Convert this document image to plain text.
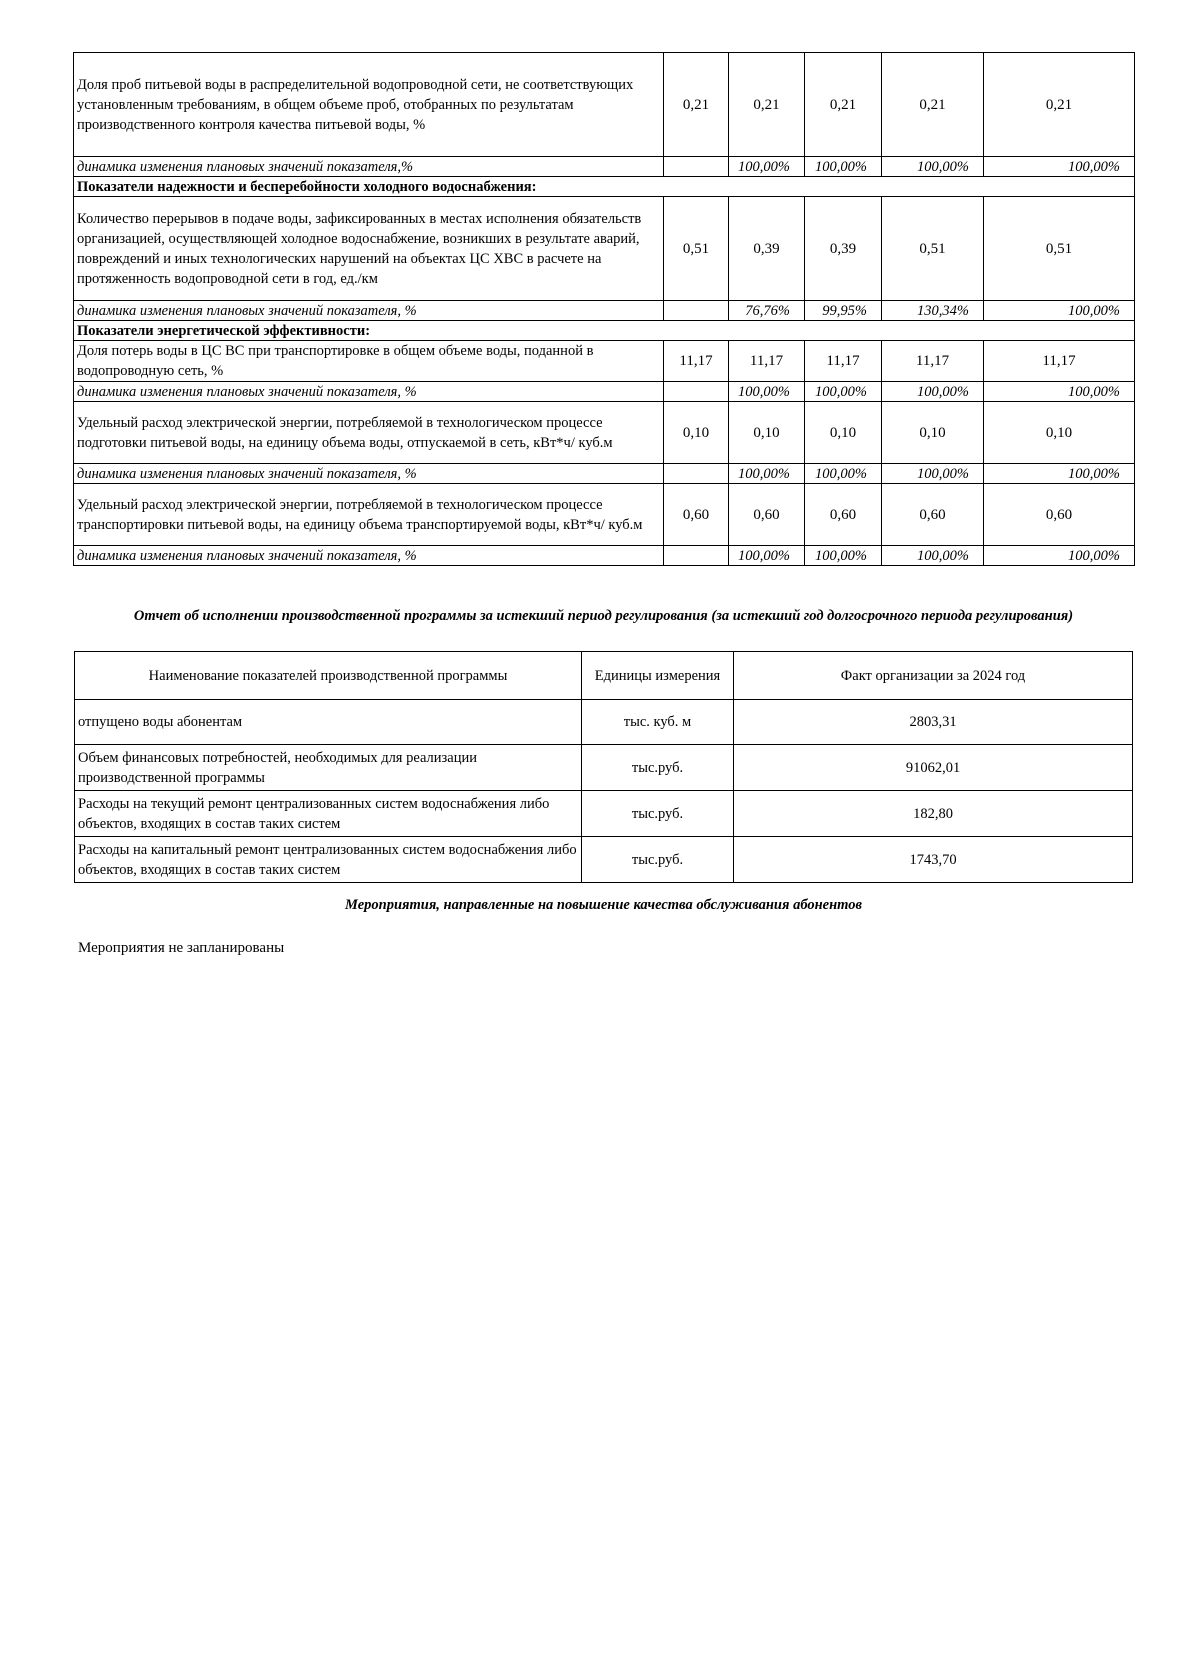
Доля проб питьевой воды в распределительной водопроводной сети, не соответствующих установленным требованиям, в общем объеме проб, отобранных по результатам производственного контроля качества питьевой воды, %	0,21	0,21	0,21	0,21	0,21
динамика изменения плановых значений показателя,%		100,00%	100,00%	100,00%	100,00%
Показатели надежности и бесперебойности холодного водоснабжения:					
Количество перерывов в подаче воды, зафиксированных в местах исполнения обязательств организацией, осуществляющей холодное водоснабжение, возникших в результате аварий, повреждений и иных технологических нарушений на объектах ЦС ХВС в расчете на протяженность водопроводной сети в год, ед./км	0,51	0,39	0,39	0,51	0,51
динамика изменения плановых значений показателя, %		76,76%	99,95%	130,34%	100,00%
Показатели энергетической эффективности:					
Доля потерь воды в ЦС ВС при транспортировке в общем объеме воды, поданной в водопроводную сеть, %	11,17	11,17	11,17	11,17	11,17
динамика изменения плановых значений показателя, %		100,00%	100,00%	100,00%	100,00%
Удельный расход электрической энергии, потребляемой в технологическом процессе подготовки питьевой воды, на единицу объема воды, отпускаемой в сеть, кВт*ч/ куб.м	0,10	0,10	0,10	0,10	0,10
динамика изменения плановых значений показателя, %		100,00%	100,00%	100,00%	100,00%
Удельный расход электрической энергии, потребляемой в технологическом процессе транспортировки питьевой воды, на единицу объема транспортируемой воды, кВт*ч/ куб.м	0,60	0,60	0,60	0,60	0,60
динамика изменения плановых значений показателя, %		100,00%	100,00%	100,00%	100,00%
Отчет об исполнении производственной программы за истекший период регулирования (за истекший год долгосрочного периода регулирования)
Наименование показателей производственной программы	Единицы измерения	Факт организации за 2024 год
отпущено воды абонентам	тыс. куб. м	2803,31
Объем финансовых потребностей, необходимых для реализации производственной программы	тыс.руб.	91062,01
Расходы на текущий ремонт централизованных систем водоснабжения либо объектов, входящих в состав таких систем	тыс.руб.	182,80
Расходы на капитальный ремонт централизованных систем водоснабжения либо объектов, входящих в состав таких систем	тыс.руб.	1743,70
Мероприятия, направленные на повышение качества обслуживания абонентов
Мероприятия не запланированы
